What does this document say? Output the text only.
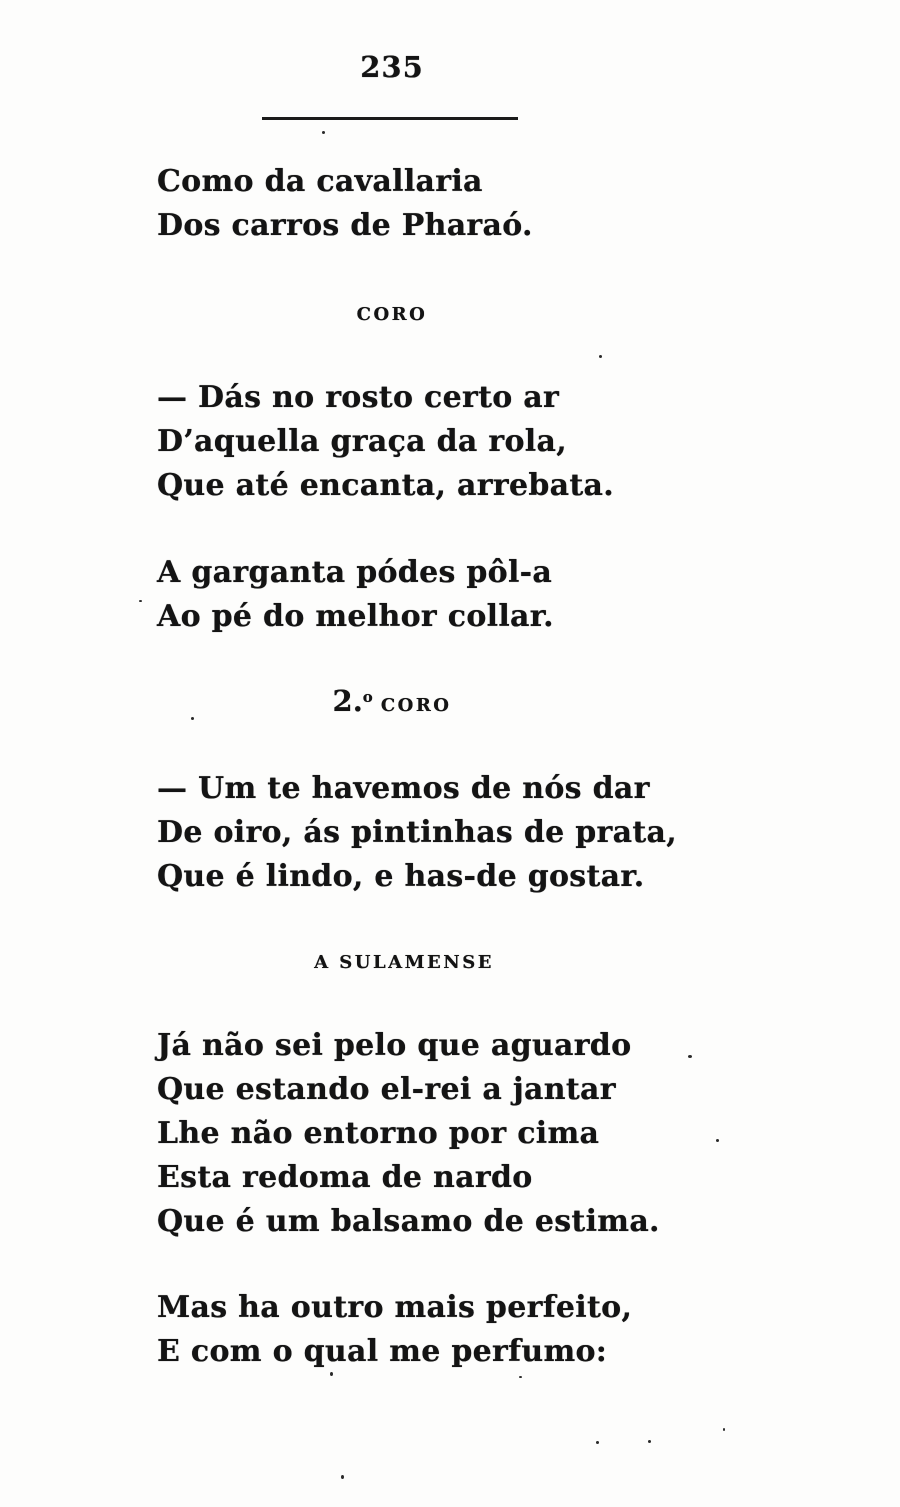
235
Como da cavallaria
Dos carros de Pharaó.
CORO
— Dás no rosto certo ar
D’aquella graça da rola,
Que até encanta, arrebata.
A garganta pódes pôl-a
Ao pé do melhor collar.
2.o CORO
— Um te havemos de nós dar
De oiro, ás pintinhas de prata,
Que é lindo, e has-de gostar.
A SULAMENSE
Já não sei pelo que aguardo
Que estando el-rei a jantar
Lhe não entorno por cima
Esta redoma de nardo
Que é um balsamo de estima.
Mas ha outro mais perfeito,
E com o qual me perfumo:
